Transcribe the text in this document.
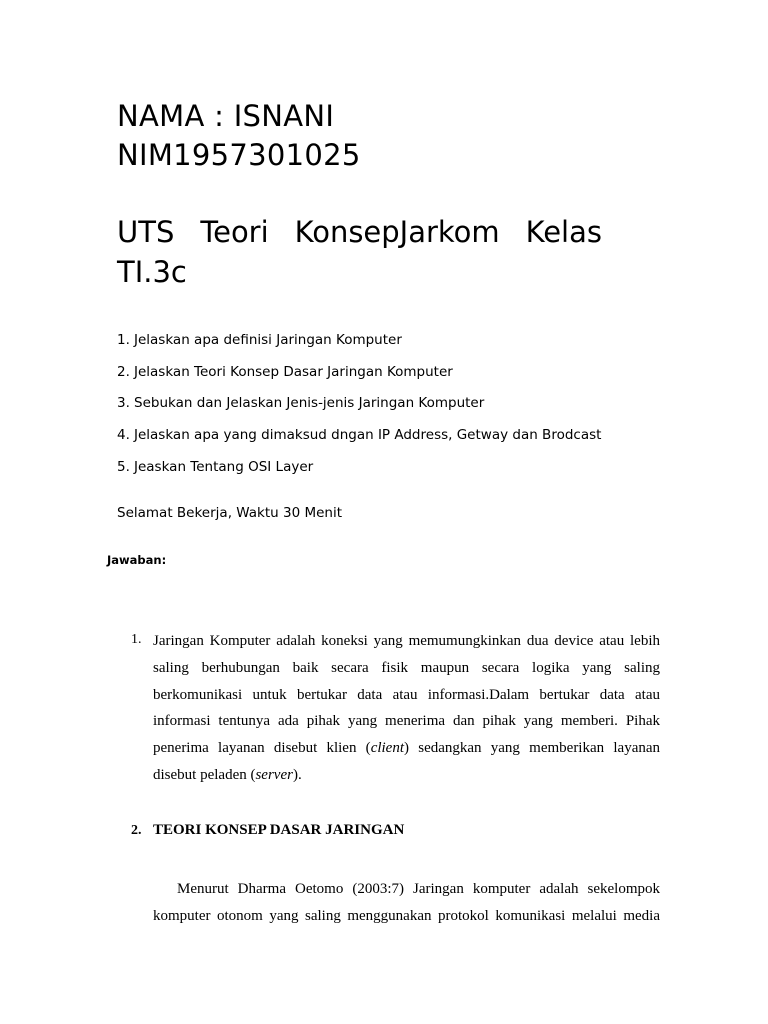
NAMA : ISNANI
NIM1957301025
UTS Teori KonsepJarkom Kelas
TI.3c
1. Jelaskan apa definisi Jaringan Komputer
2. Jelaskan Teori Konsep Dasar Jaringan Komputer
3. Sebukan dan Jelaskan Jenis-jenis Jaringan Komputer
4. Jelaskan apa yang dimaksud dngan IP Address, Getway dan Brodcast
5. Jeaskan Tentang OSI Layer
Selamat Bekerja, Waktu 30 Menit
Jawaban:
1. Jaringan Komputer adalah koneksi yang memumungkinkan dua device atau lebih
saling berhubungan baik secara fisik maupun secara logika yang saling
berkomunikasi untuk bertukar data atau informasi.Dalam bertukar data atau
informasi tentunya ada pihak yang menerima dan pihak yang memberi. Pihak
penerima layanan disebut klien (client) sedangkan yang memberikan layanan
disebut peladen (server).
2. TEORI KONSEP DASAR JARINGAN
Menurut Dharma Oetomo (2003:7) Jaringan komputer adalah sekelompok
komputer otonom yang saling menggunakan protokol komunikasi melalui media
